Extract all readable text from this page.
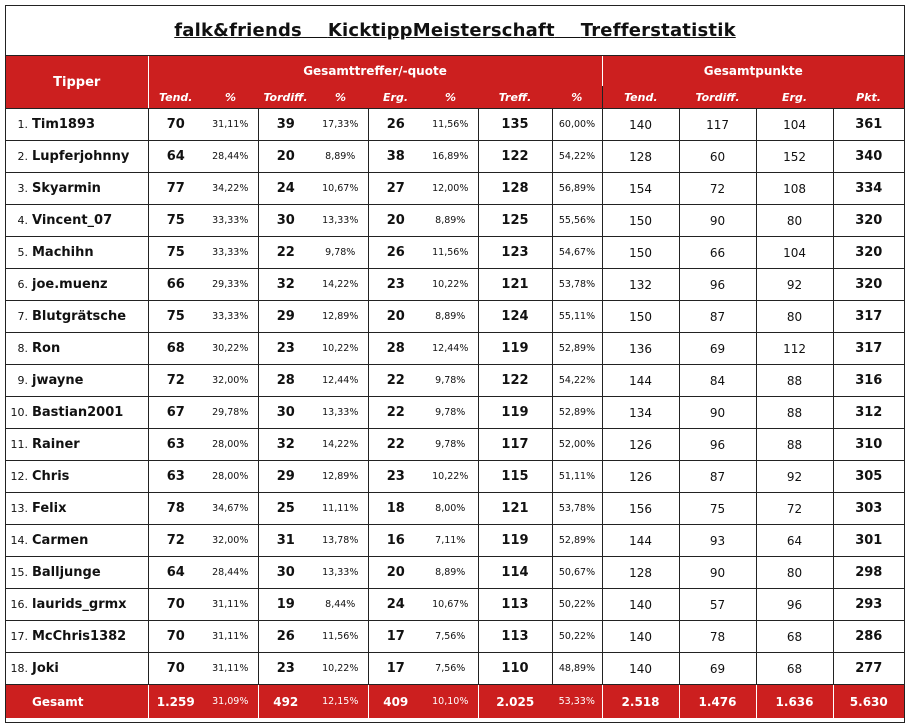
falk&friends
KicktippMeisterschaft
Trefferstatistik
Tipper	Gesamttreffer/-quote								Gesamtpunkte			
	Tend.	%	Tordiff.	%	Erg.	%	Treff.	%	Tend.	Tordiff.	Erg.	Pkt.
1. Tim1893	70	31,11%	39	17,33%	26	11,56%	135	60,00%	140	117	104	361
2. Lupferjohnny	64	28,44%	20	8,89%	38	16,89%	122	54,22%	128	60	152	340
3. Skyarmin	77	34,22%	24	10,67%	27	12,00%	128	56,89%	154	72	108	334
4. Vincent_07	75	33,33%	30	13,33%	20	8,89%	125	55,56%	150	90	80	320
5. Machihn	75	33,33%	22	9,78%	26	11,56%	123	54,67%	150	66	104	320
6. joe.muenz	66	29,33%	32	14,22%	23	10,22%	121	53,78%	132	96	92	320
7. Blutgrätsche	75	33,33%	29	12,89%	20	8,89%	124	55,11%	150	87	80	317
8. Ron	68	30,22%	23	10,22%	28	12,44%	119	52,89%	136	69	112	317
9. jwayne	72	32,00%	28	12,44%	22	9,78%	122	54,22%	144	84	88	316
10. Bastian2001	67	29,78%	30	13,33%	22	9,78%	119	52,89%	134	90	88	312
11. Rainer	63	28,00%	32	14,22%	22	9,78%	117	52,00%	126	96	88	310
12. Chris	63	28,00%	29	12,89%	23	10,22%	115	51,11%	126	87	92	305
13. Felix	78	34,67%	25	11,11%	18	8,00%	121	53,78%	156	75	72	303
14. Carmen	72	32,00%	31	13,78%	16	7,11%	119	52,89%	144	93	64	301
15. Balljunge	64	28,44%	30	13,33%	20	8,89%	114	50,67%	128	90	80	298
16. laurids_grmx	70	31,11%	19	8,44%	24	10,67%	113	50,22%	140	57	96	293
17. McChris1382	70	31,11%	26	11,56%	17	7,56%	113	50,22%	140	78	68	286
18. Joki	70	31,11%	23	10,22%	17	7,56%	110	48,89%	140	69	68	277
Gesamt	1.259	31,09%	492	12,15%	409	10,10%	2.025	53,33%	2.518	1.476	1.636	5.630
